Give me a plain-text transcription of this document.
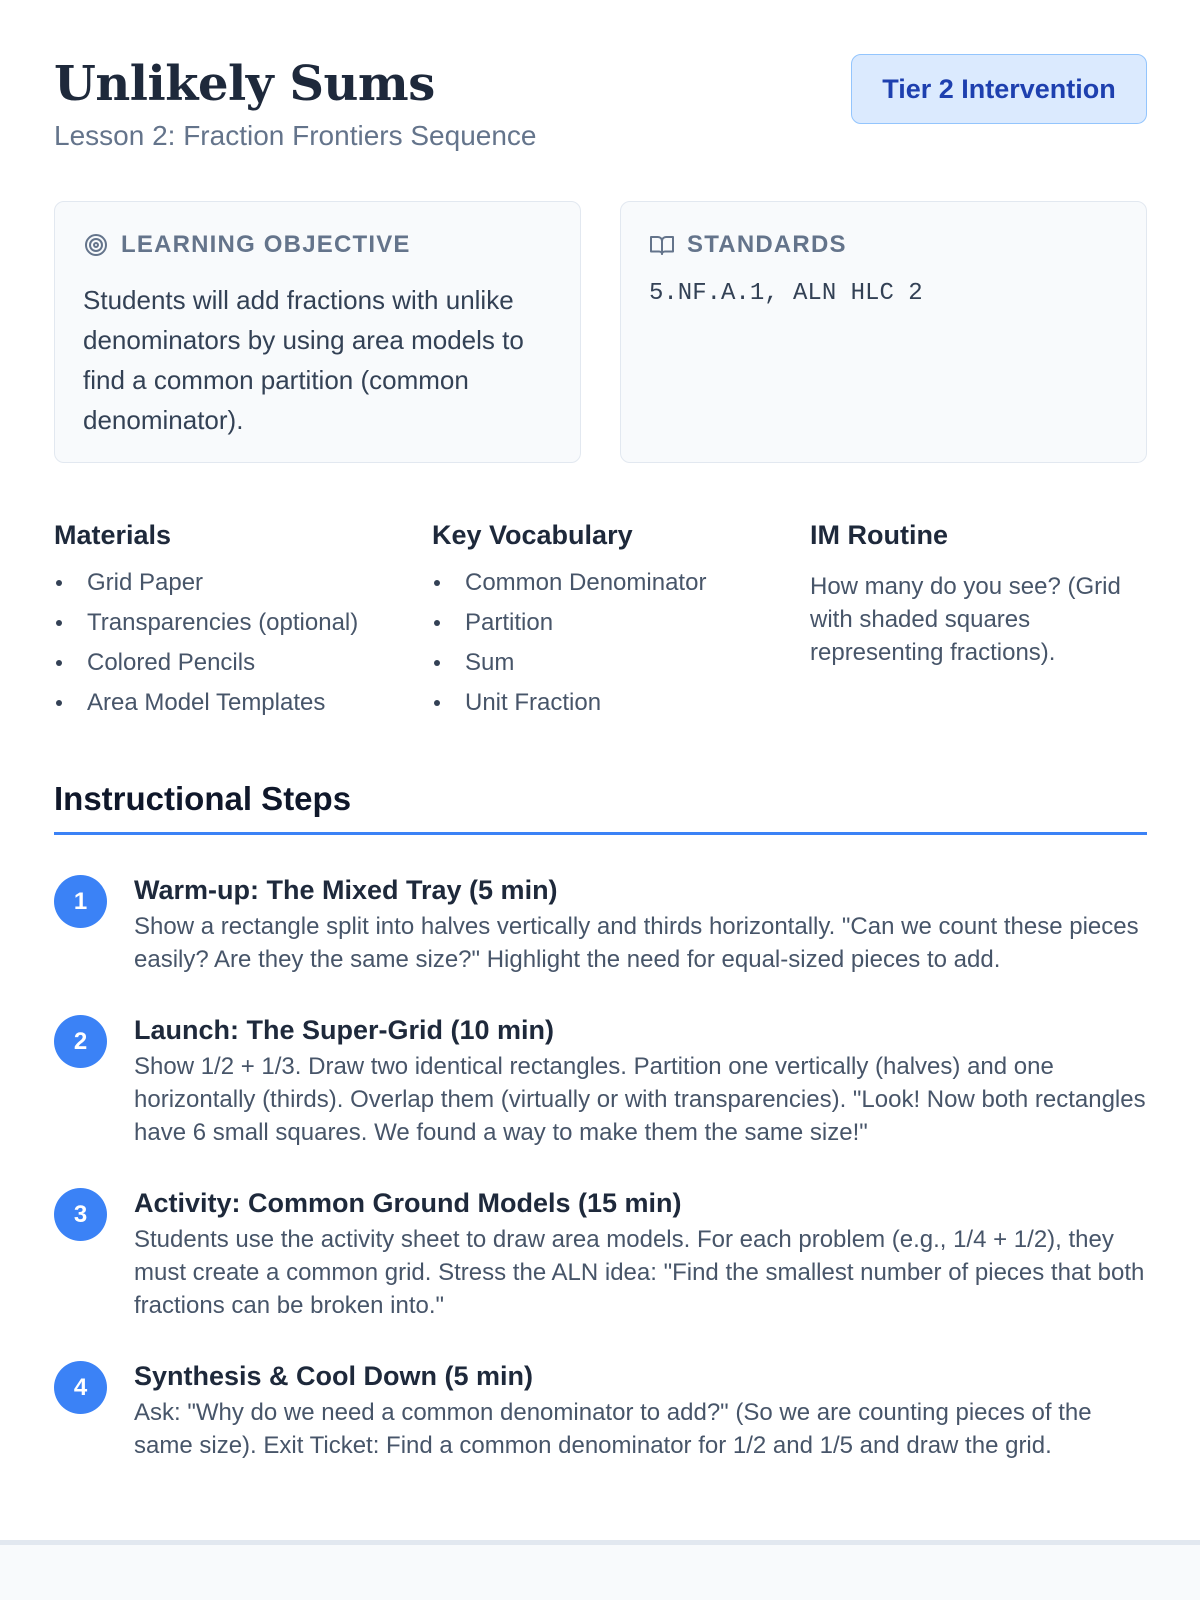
Unlikely Sums
Lesson 2: Fraction Frontiers Sequence
Tier 2 Intervention
LEARNING OBJECTIVE

Students will add fractions with unlike denominators by using area models to find a common partition (common denominator).

STANDARDS

5.NF.A.1, ALN HLC 2

Materials
Grid Paper
Transparencies (optional)
Colored Pencils
Area Model Templates
Key Vocabulary
Common Denominator
Partition
Sum
Unit Fraction
IM Routine

How many do you see? (Grid with shaded squares representing fractions).

Instructional Steps
1	Warm-up: The Mixed Tray (5 min)

Show a rectangle split into halves vertically and thirds horizontally. "Can we count these pieces easily? Are they the same size?" Highlight the need for equal-sized pieces to add.

2	Launch: The Super-Grid (10 min)

Show 1/2 + 1/3. Draw two identical rectangles. Partition one vertically (halves) and one horizontally (thirds). Overlap them (virtually or with transparencies). "Look! Now both rectangles have 6 small squares. We found a way to make them the same size!"

3	Activity: Common Ground Models (15 min)

Students use the activity sheet to draw area models. For each problem (e.g., 1/4 + 1/2), they must create a common grid. Stress the ALN idea: "Find the smallest number of pieces that both fractions can be broken into."

4	Synthesis & Cool Down (5 min)

Ask: "Why do we need a common denominator to add?" (So we are counting pieces of the same size). Exit Ticket: Find a common denominator for 1/2 and 1/5 and draw the grid.
